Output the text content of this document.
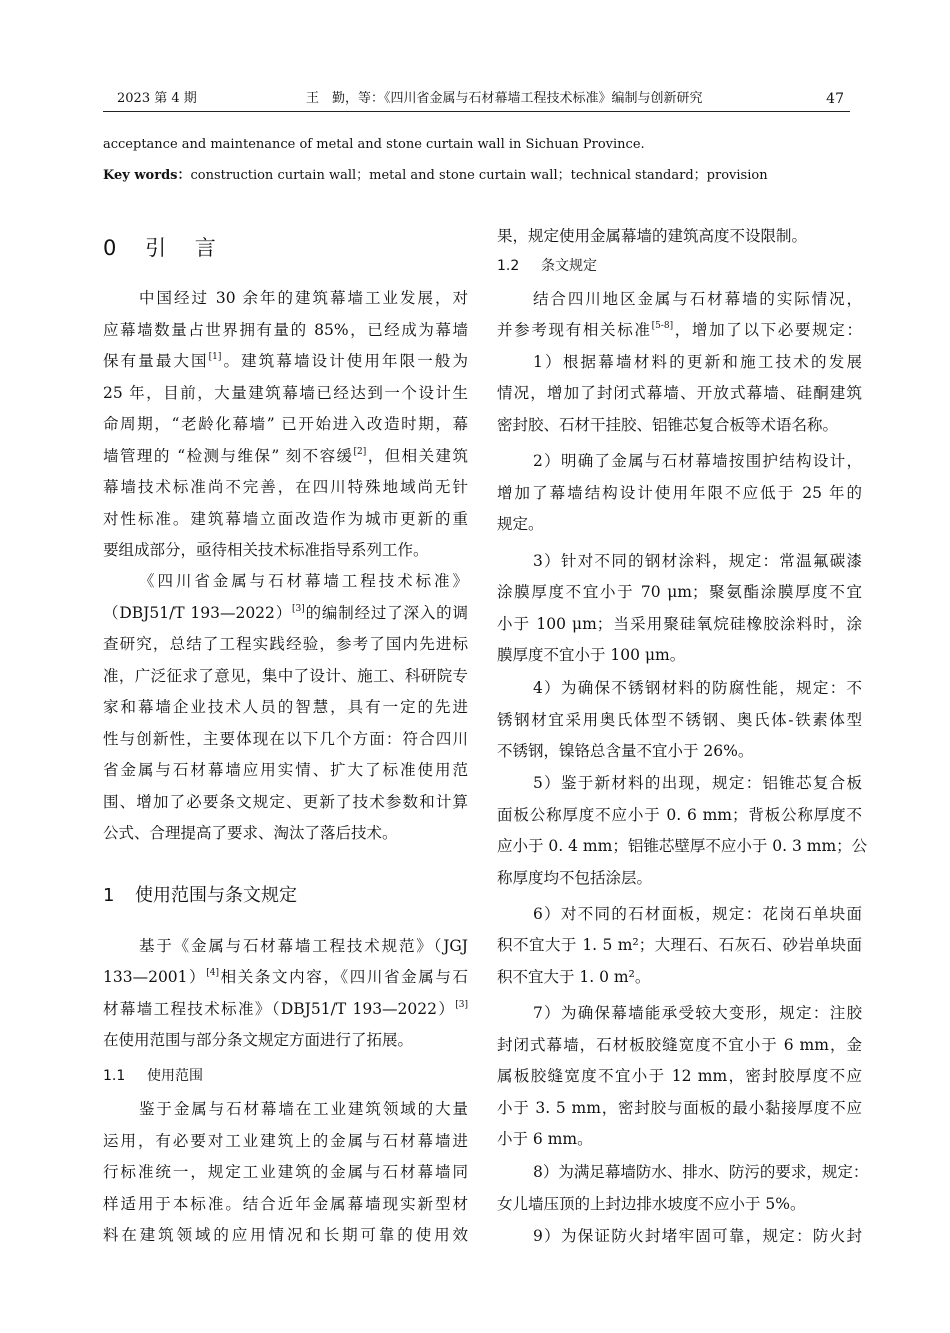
2023 第 4 期	王　勤，等：《四川省金属与石材幕墙工程技术标准》编制与创新研究	47
acceptance and maintenance of metal and stone curtain wall in Sichuan Province.
Key words：construction curtain wall；metal and stone curtain wall；technical standard；provision
0 引 言
1 使用范围与条文规定
1.1 使用范围
1.2 条文规定
中国经过 30 余年的建筑幕墙工业发展，对
应幕墙数量占世界拥有量的 85%，已经成为幕墙
保有量最大国[1]。建筑幕墙设计使用年限一般为
25 年，目前，大量建筑幕墙已经达到一个设计生
命周期，“老龄化幕墙” 已开始进入改造时期，幕
墙管理的 “检测与维保” 刻不容缓[2]，但相关建筑
幕墙技术标准尚不完善，在四川特殊地域尚无针
对性标准。建筑幕墙立面改造作为城市更新的重
要组成部分，亟待相关技术标准指导系列工作。
《四川省金属与石材幕墙工程技术标准》
（DBJ51/T 193—2022）[3]的编制经过了深入的调
查研究，总结了工程实践经验，参考了国内先进标
准，广泛征求了意见，集中了设计、施工、科研院专
家和幕墙企业技术人员的智慧，具有一定的先进
性与创新性，主要体现在以下几个方面：符合四川
省金属与石材幕墙应用实情、扩大了标准使用范
围、增加了必要条文规定、更新了技术参数和计算
公式、合理提高了要求、淘汰了落后技术。
基于《金属与石材幕墙工程技术规范》（JGJ
133—2001）[4]相关条文内容，《四川省金属与石
材幕墙工程技术标准》（DBJ51/T 193—2022）[3]
在使用范围与部分条文规定方面进行了拓展。
鉴于金属与石材幕墙在工业建筑领域的大量
运用，有必要对工业建筑上的金属与石材幕墙进
行标准统一，规定工业建筑的金属与石材幕墙同
样适用于本标准。结合近年金属幕墙现实新型材
料在建筑领域的应用情况和长期可靠的使用效
果，规定使用金属幕墙的建筑高度不设限制。
结合四川地区金属与石材幕墙的实际情况，
并参考现有相关标准[5-8]，增加了以下必要规定：
1）根据幕墙材料的更新和施工技术的发展
情况，增加了封闭式幕墙、开放式幕墙、硅酮建筑
密封胶、石材干挂胶、铝锥芯复合板等术语名称。
2）明确了金属与石材幕墙按围护结构设计，
增加了幕墙结构设计使用年限不应低于 25 年的
规定。
3）针对不同的钢材涂料，规定：常温氟碳漆
涂膜厚度不宜小于 70 μm；聚氨酯涂膜厚度不宜
小于 100 μm；当采用聚硅氧烷硅橡胶涂料时，涂
膜厚度不宜小于 100 μm。
4）为确保不锈钢材料的防腐性能，规定：不
锈钢材宜采用奥氏体型不锈钢、奥氏体-铁素体型
不锈钢，镍铬总含量不宜小于 26%。
5）鉴于新材料的出现，规定：铝锥芯复合板
面板公称厚度不应小于 0. 6 mm；背板公称厚度不
应小于 0. 4 mm；铝锥芯壁厚不应小于 0. 3 mm；公
称厚度均不包括涂层。
6）对不同的石材面板，规定：花岗石单块面
积不宜大于 1. 5 m²；大理石、石灰石、砂岩单块面
积不宜大于 1. 0 m²。
7）为确保幕墙能承受较大变形，规定：注胶
封闭式幕墙，石材板胶缝宽度不宜小于 6 mm，金
属板胶缝宽度不宜小于 12 mm，密封胶厚度不应
小于 3. 5 mm，密封胶与面板的最小黏接厚度不应
小于 6 mm。
8）为满足幕墙防水、排水、防污的要求，规定：
女儿墙压顶的上封边排水坡度不应小于 5%。
9）为保证防火封堵牢固可靠，规定：防火封
